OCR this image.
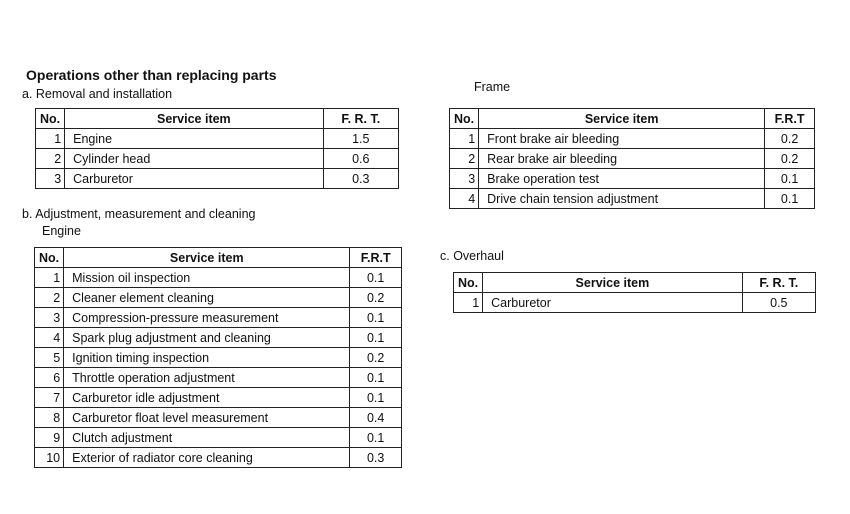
Operations other than replacing parts
a. Removal and installation
No.	Service item	F. R. T.
1	Engine	1.5
2	Cylinder head	0.6
3	Carburetor	0.3
Frame
No.	Service item	F.R.T
1	Front brake air bleeding	0.2
2	Rear brake air bleeding	0.2
3	Brake operation test	0.1
4	Drive chain tension adjustment	0.1
b. Adjustment, measurement and cleaning
Engine
No.	Service item	F.R.T
1	Mission oil inspection	0.1
2	Cleaner element cleaning	0.2
3	Compression-pressure measurement	0.1
4	Spark plug adjustment and cleaning	0.1
5	Ignition timing inspection	0.2
6	Throttle operation adjustment	0.1
7	Carburetor idle adjustment	0.1
8	Carburetor float level measurement	0.4
9	Clutch adjustment	0.1
10	Exterior of radiator core cleaning	0.3
c. Overhaul
No.	Service item	F. R. T.
1	Carburetor	0.5
